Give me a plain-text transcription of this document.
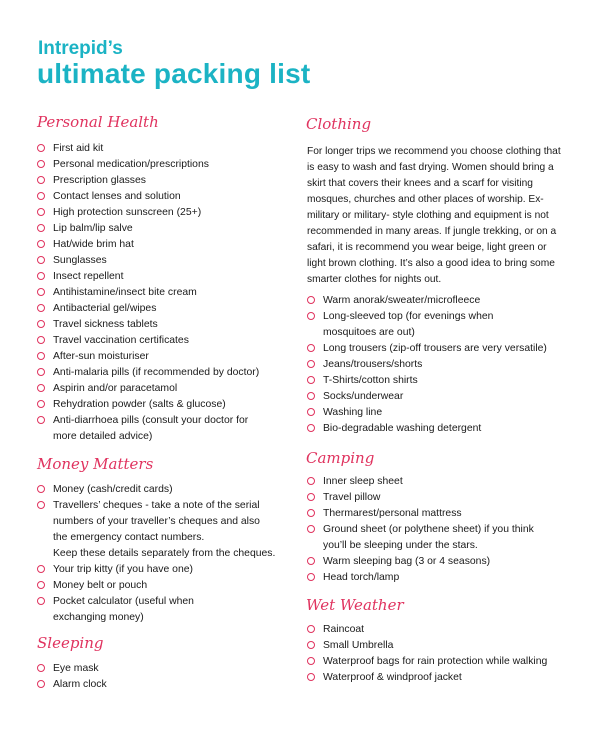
Intrepid’s
ultimate packing list
Personal Health
First aid kit
Personal medication/prescriptions
Prescription glasses
Contact lenses and solution
High protection sunscreen (25+)
Lip balm/lip salve
Hat/wide brim hat
Sunglasses
Insect repellent
Antihistamine/insect bite cream
Antibacterial gel/wipes
Travel sickness tablets
Travel vaccination certificates
After-sun moisturiser
Anti-malaria pills (if recommended by doctor)
Aspirin and/or paracetamol
Rehydration powder (salts & glucose)
Anti-diarrhoea pills (consult your doctor for
more detailed advice)
Money Matters
Money (cash/credit cards)
Travellers’ cheques - take a note of the serial
numbers of your traveller’s cheques and also
the emergency contact numbers.
Keep these details separately from the cheques.
Your trip kitty (if you have one)
Money belt or pouch
Pocket calculator (useful when
exchanging money)
Sleeping
Eye mask
Alarm clock
Clothing

For longer trips we recommend you choose clothing that is easy to wash and fast drying. Women should bring a skirt that covers their knees and a scarf for visiting mosques, churches and other places of worship. Ex-military or military- style clothing and equipment is not recommended in many areas. If jungle trekking, or on a safari, it is recommend you wear beige, light green or light brown clothing. It’s also a good idea to bring some smarter clothes for nights out.

Warm anorak/sweater/microfleece
Long-sleeved top (for evenings when
mosquitoes are out)
Long trousers (zip-off trousers are very versatile)
Jeans/trousers/shorts
T-Shirts/cotton shirts
Socks/underwear
Washing line
Bio-degradable washing detergent
Camping
Inner sleep sheet
Travel pillow
Thermarest/personal mattress
Ground sheet (or polythene sheet) if you think
you’ll be sleeping under the stars.
Warm sleeping bag (3 or 4 seasons)
Head torch/lamp
Wet Weather
Raincoat
Small Umbrella
Waterproof bags for rain protection while walking
Waterproof & windproof jacket
